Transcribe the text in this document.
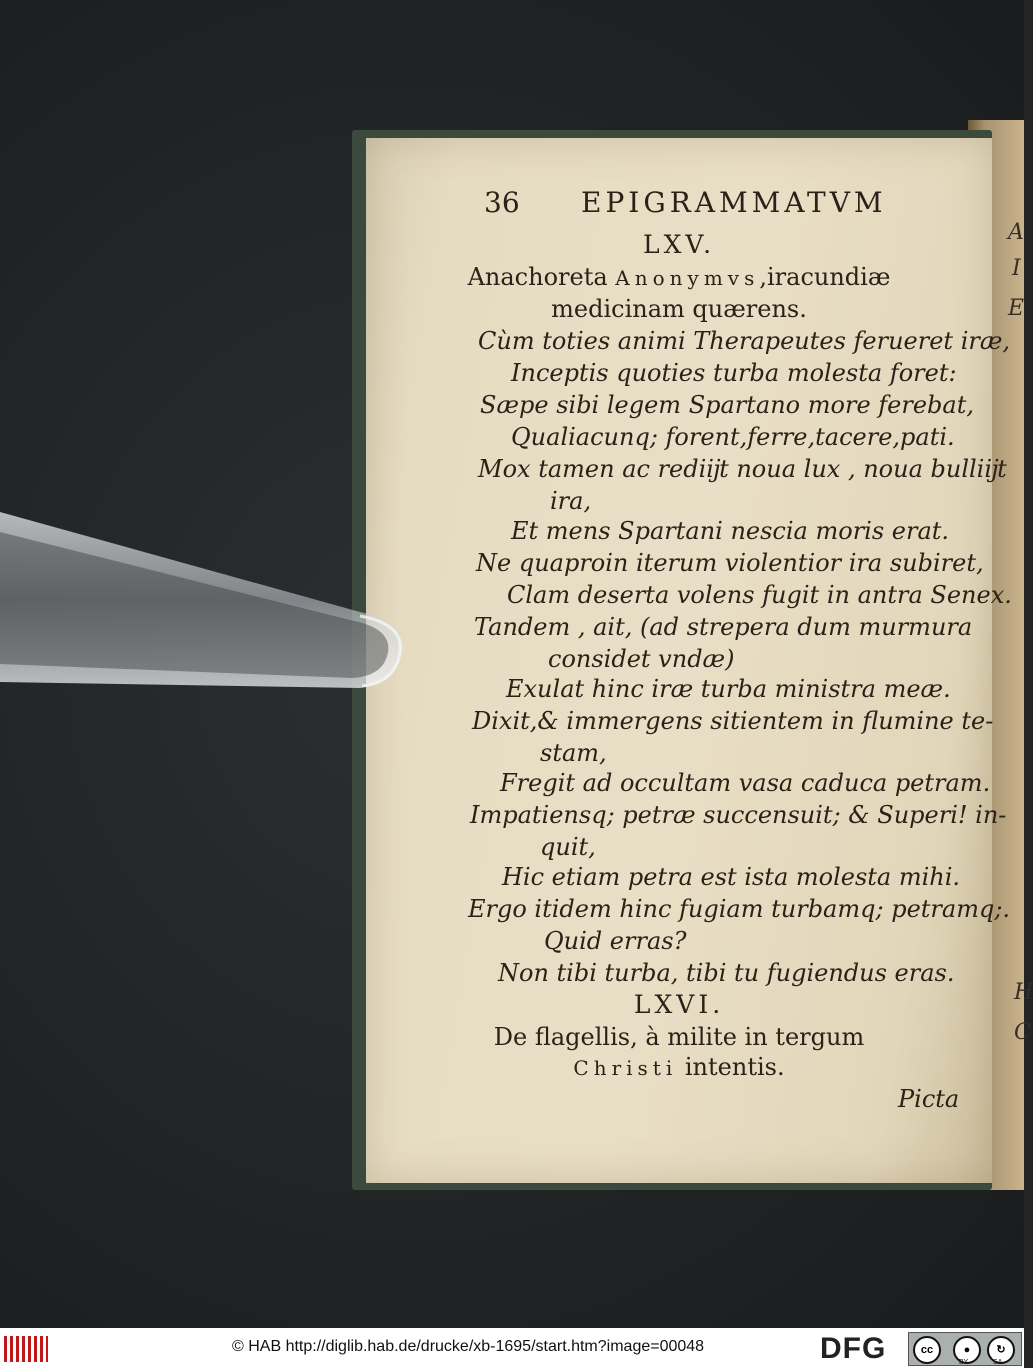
A
I
E
H
C
36 EPIGRAMMATVM
LXV.
Anachoreta Anonymvs,iracundiæ
medicinam quærens.
Cùm toties animi Therapeutes ferueret iræ,
Inceptis quoties turba molesta foret:
Sæpe sibi legem Spartano more ferebat,
Qualiacunq; forent,ferre,tacere,pati.
Mox tamen ac rediĳt noua lux , noua bulliĳt
ira,
Et mens Spartani nescia moris erat.
Ne quaproin iterum violentior ira subiret,
Clam deserta volens fugit in antra Senex.
Tandem , ait, (ad strepera dum murmura
considet vndæ)
Exulat hinc iræ turba ministra meæ.
Dixit,& immergens sitientem in flumine te-
stam,
Fregit ad occultam vasa caduca petram.
Impatiensq; petræ succensuit; & Superi! in-
quit,
Hic etiam petra est ista molesta mihi.
Ergo itidem hinc fugiam turbamq; petramq;.
Quid erras?
Non tibi turba, tibi tu fugiendus eras.
LXVI.
De flagellis, à milite in tergum
Christi intentis.
Picta
© HAB http://diglib.hab.de/drucke/xb-1695/start.htm?image=00048	DFG	cc	●
BY
↻
SA
